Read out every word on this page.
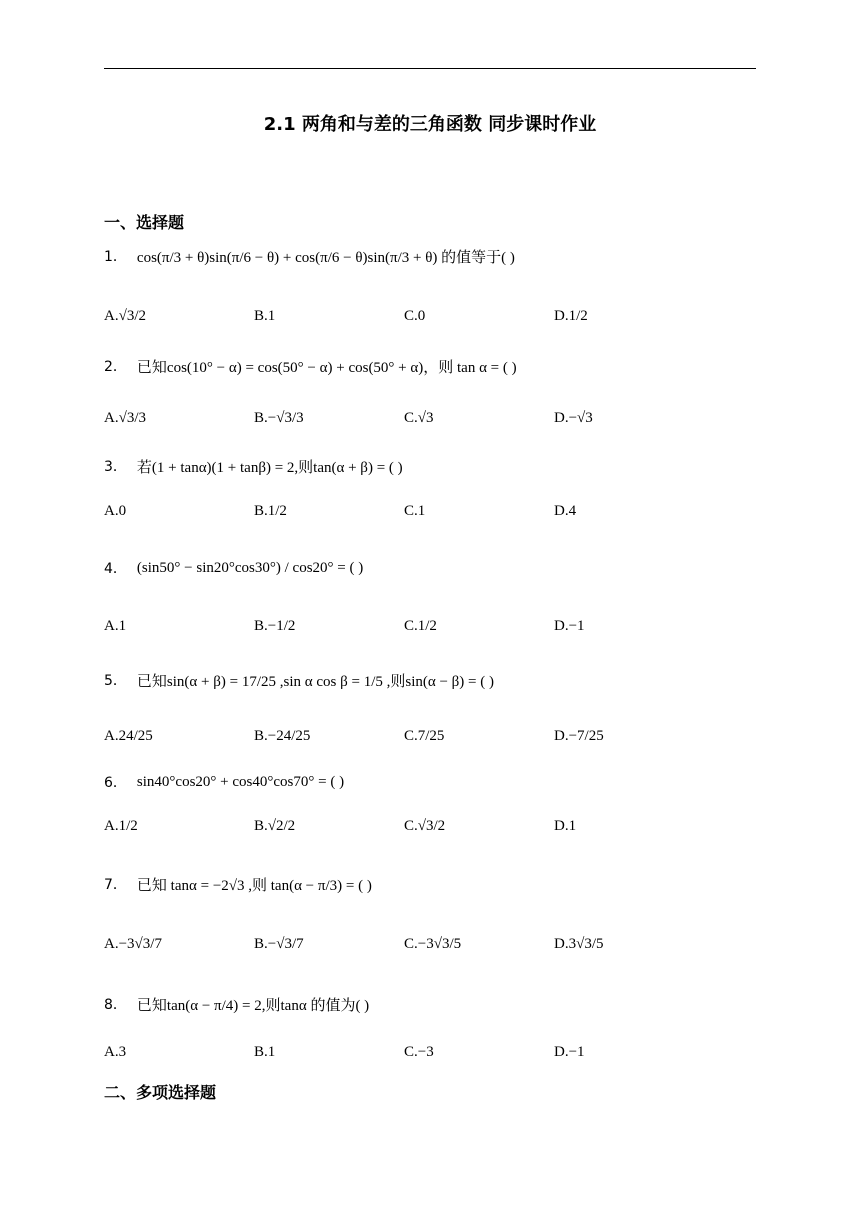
2.1 两角和与差的三角函数 同步课时作业
一、选择题
1． cos(π/3 + θ)sin(π/6 − θ) + cos(π/6 − θ)sin(π/3 + θ) 的值等于( )
A.√3/2	B.1	C.0	D.1/2
2． 已知cos(10° − α) = cos(50° − α) + cos(50° + α)，则 tan α = ( )
A.√3/3	B.−√3/3	C.√3	D.−√3
3． 若(1 + tanα)(1 + tanβ) = 2,则tan(α + β) = ( )
A.0	B.1/2	C.1	D.4
4． (sin50° − sin20°cos30°) / cos20° = ( )
A.1	B.−1/2	C.1/2	D.−1
5． 已知sin(α + β) = 17/25 ,sin α cos β = 1/5 ,则sin(α − β) = ( )
A.24/25	B.−24/25	C.7/25	D.−7/25
6． sin40°cos20° + cos40°cos70° = ( )
A.1/2	B.√2/2	C.√3/2	D.1
7． 已知 tanα = −2√3 ,则 tan(α − π/3) = ( )
A.−3√3/7	B.−√3/7	C.−3√3/5	D.3√3/5
8． 已知tan(α − π/4) = 2,则tanα 的值为( )
A.3	B.1	C.−3	D.−1
二、多项选择题
